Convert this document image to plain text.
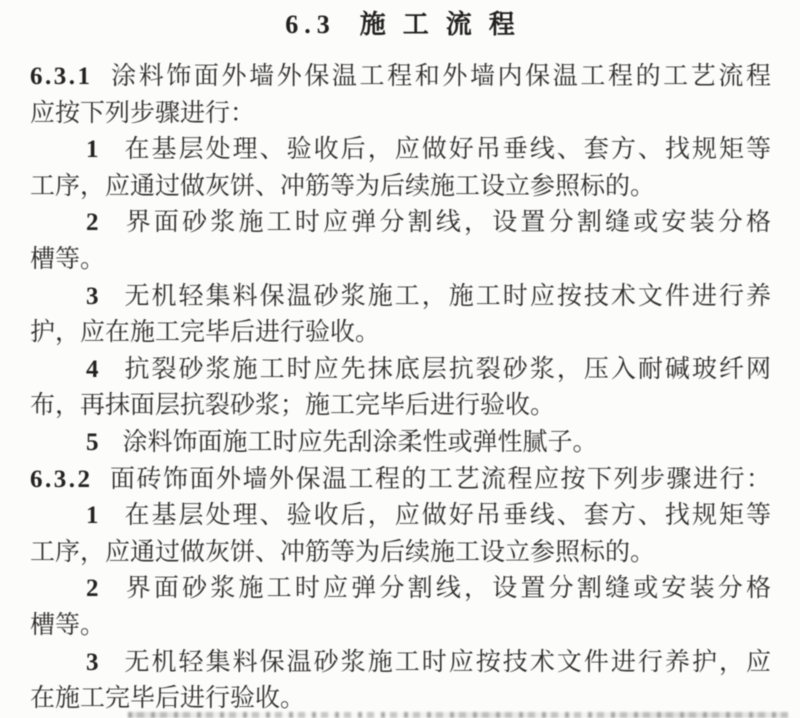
6.3 施工流程
6.3.1 涂料饰面外墙外保温工程和外墙内保温工程的工艺流程
应按下列步骤进行：
1 在基层处理、验收后，应做好吊垂线、套方、找规矩等
工序，应通过做灰饼、冲筋等为后续施工设立参照标的。
2 界面砂浆施工时应弹分割线，设置分割缝或安装分格
槽等。
3 无机轻集料保温砂浆施工，施工时应按技术文件进行养
护，应在施工完毕后进行验收。
4 抗裂砂浆施工时应先抹底层抗裂砂浆，压入耐碱玻纤网
布，再抹面层抗裂砂浆；施工完毕后进行验收。
5 涂料饰面施工时应先刮涂柔性或弹性腻子。
6.3.2 面砖饰面外墙外保温工程的工艺流程应按下列步骤进行：
1 在基层处理、验收后，应做好吊垂线、套方、找规矩等
工序，应通过做灰饼、冲筋等为后续施工设立参照标的。
2 界面砂浆施工时应弹分割线，设置分割缝或安装分格
槽等。
3 无机轻集料保温砂浆施工时应按技术文件进行养护，应
在施工完毕后进行验收。
